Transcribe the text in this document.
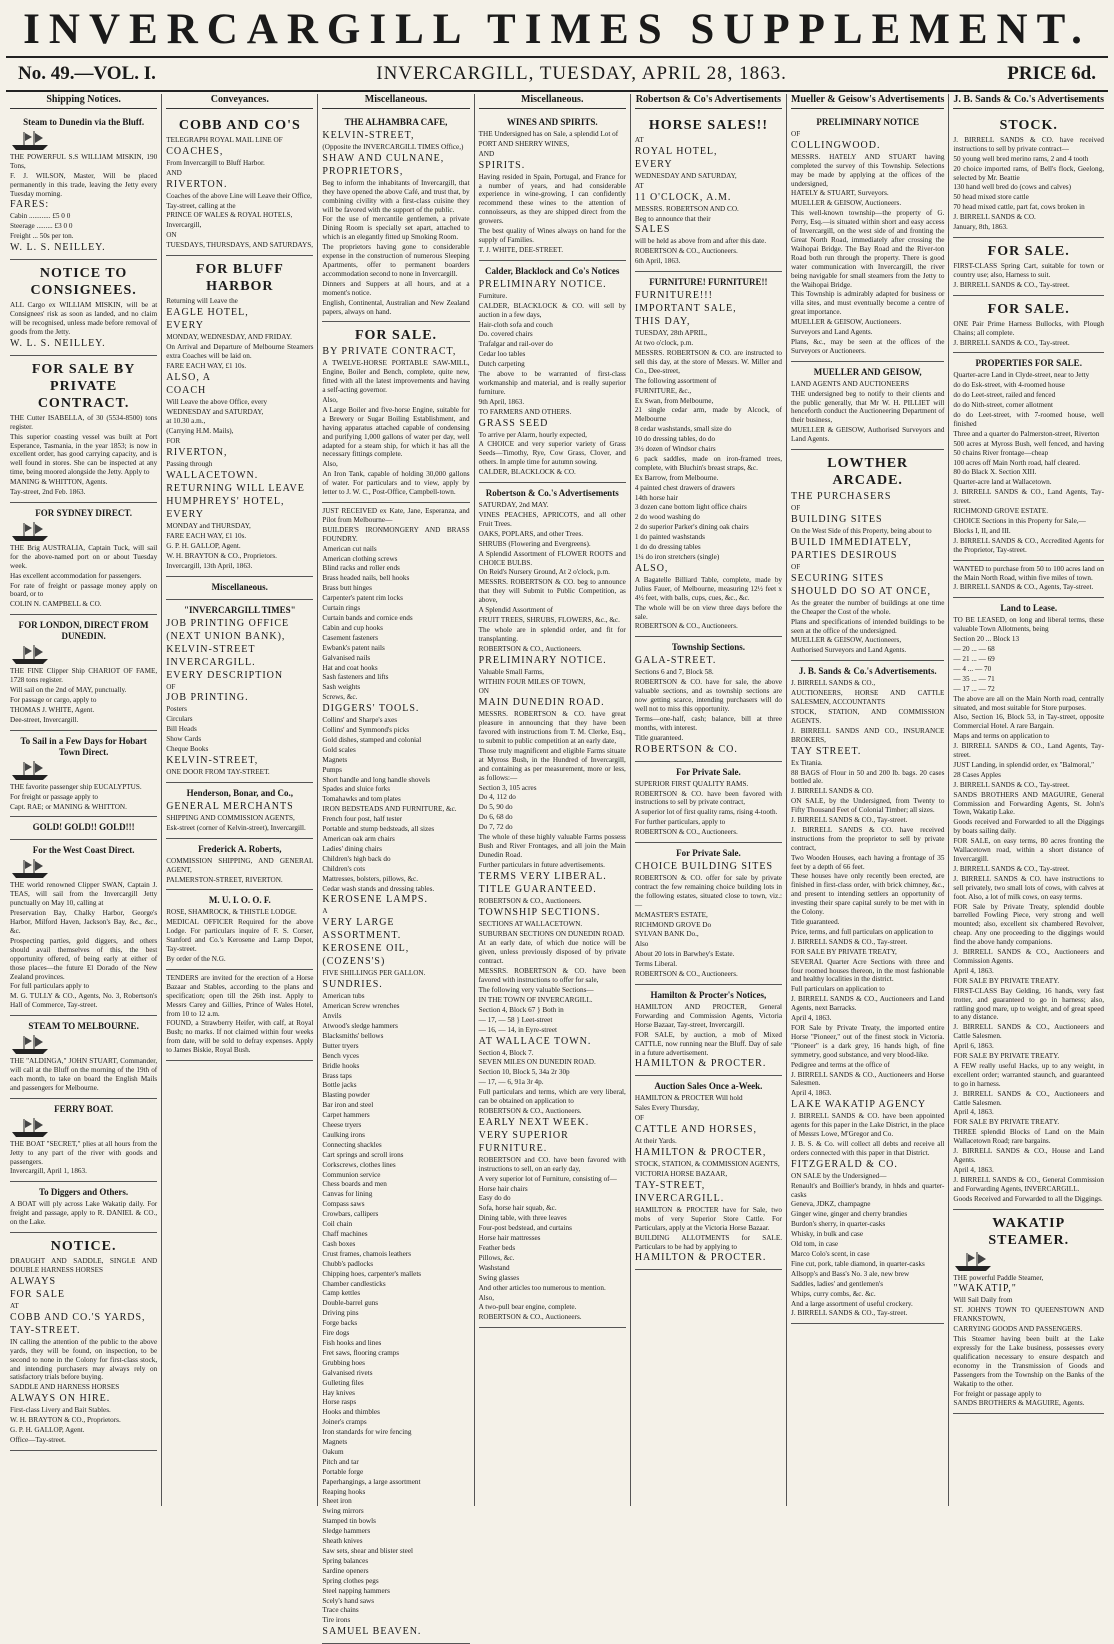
INVERCARGILL TIMES SUPPLEMENT.
No. 49.—VOL. I.	INVERCARGILL, TUESDAY, APRIL 28, 1863.	PRICE 6d.
Shipping Notices.
Steam to Dunedin via the Bluff.

THE POWERFUL S.S WILLIAM MISKIN, 190 Tons,

F. J. WILSON, Master, Will be placed permanently in this trade, leaving the Jetty every Tuesday morning.

FARES:

Cabin ............ £5 0 0

Steerage ......... £3 0 0

Freight ... 50s per ton.

W. L. S. NEILLEY.

NOTICE TO CONSIGNEES.

ALL Cargo ex WILLIAM MISKIN, will be at Consignees' risk as soon as landed, and no claim will be recognised, unless made before removal of goods from the Jetty.

W. L. S. NEILLEY.

FOR SALE BY PRIVATE CONTRACT.

THE Cutter ISABELLA, of 30 (5534-8500) tons register.

This superior coasting vessel was built at Port Esperance, Tasmania, in the year 1853; is now in excellent order, has good carrying capacity, and is well found in stores. She can be inspected at any time, being moored alongside the Jetty. Apply to

MANING & WHITTON, Agents.

Tay-street, 2nd Feb. 1863.

FOR SYDNEY DIRECT.

THE Brig AUSTRALIA, Captain Tuck, will sail for the above-named port on or about Tuesday week.

Has excellent accommodation for passengers.

For rate of freight or passage money apply on board, or to

COLIN N. CAMPBELL & CO.

FOR LONDON, DIRECT FROM DUNEDIN.

THE FINE Clipper Ship CHARIOT OF FAME, 1728 tons register.

Will sail on the 2nd of MAY, punctually.

For passage or cargo, apply to

THOMAS J. WHITE, Agent.

Dee-street, Invercargill.

To Sail in a Few Days for Hobart Town Direct.

THE favorite passenger ship EUCALYPTUS.

For freight or passage apply to

Capt. RAE; or MANING & WHITTON.

GOLD! GOLD!! GOLD!!!
For the West Coast Direct.

THE world renowned Clipper SWAN, Captain J. TEAS, will sail from the Invercargill Jetty punctually on May 10, calling at

Preservation Bay, Chalky Harbor, George's Harbor, Milford Haven, Jackson's Bay, &c., &c., &c.

Prospecting parties, gold diggers, and others should avail themselves of this, the best opportunity offered, of being early at either of those places—the future El Dorado of the New Zealand provinces.

For full particulars apply to

M. G. TULLY & CO., Agents, No. 3, Robertson's Hall of Commerce, Tay-street.

STEAM TO MELBOURNE.

THE "ALDINGA," JOHN STUART, Commander, will call at the Bluff on the morning of the 19th of each month, to take on board the English Mails and passengers for Melbourne.

FERRY BOAT.

THE BOAT "SECRET," plies at all hours from the Jetty to any part of the river with goods and passengers.

Invercargill, April 1, 1863.

To Diggers and Others.

A BOAT will ply across Lake Wakatip daily. For freight and passage, apply to R. DANIEL & CO., on the Lake.

NOTICE.

DRAUGHT AND SADDLE, SINGLE AND DOUBLE HARNESS HORSES

ALWAYS

FOR SALE

AT

COBB AND CO.'S YARDS,

TAY-STREET.

IN calling the attention of the public to the above yards, they will be found, on inspection, to be second to none in the Colony for first-class stock, and intending purchasers may always rely on satisfactory trials before buying.

SADDLE AND HARNESS HORSES

ALWAYS ON HIRE.

First-class Livery and Bait Stables.

W. H. BRAYTON & CO., Proprietors.

G. P. H. GALLOP, Agent.

Office—Tay-street.

Conveyances.
COBB AND CO'S

TELEGRAPH ROYAL MAIL LINE OF

COACHES,

From Invercargill to Bluff Harbor.

AND

RIVERTON.

Coaches of the above Line will Leave their Office,

Tay-street, calling at the

PRINCE OF WALES & ROYAL HOTELS,

Invercargill,

ON

TUESDAYS, THURSDAYS, AND SATURDAYS,

FOR BLUFF HARBOR

Returning will Leave the

EAGLE HOTEL,

EVERY

MONDAY, WEDNESDAY, AND FRIDAY.

On Arrival and Departure of Melbourne Steamers extra Coaches will be laid on.

FARE EACH WAY, £1 10s.

ALSO, A

COACH

Will Leave the above Office, every

WEDNESDAY and SATURDAY,

at 10.30 a.m.,

(Carrying H.M. Mails),

FOR

RIVERTON,

Passing through

WALLACETOWN.

RETURNING WILL LEAVE

HUMPHREYS' HOTEL,

EVERY

MONDAY and THURSDAY,

FARE EACH WAY, £1 10s.

G. P. H. GALLOP, Agent.

W. H. BRAYTON & CO., Proprietors.

Invercargill, 13th April, 1863.

Miscellaneous.
"INVERCARGILL TIMES"

JOB PRINTING OFFICE

(NEXT UNION BANK),

KELVIN-STREET

INVERCARGILL.

EVERY DESCRIPTION

OF

JOB PRINTING.

Posters

Circulars

Bill Heads

Show Cards

Cheque Books

KELVIN-STREET,

ONE DOOR FROM TAY-STREET.

Henderson, Bonar, and Co.,

GENERAL MERCHANTS

SHIPPING AND COMMISSION AGENTS,

Esk-street (corner of Kelvin-street), Invercargill.

Frederick A. Roberts,

COMMISSION SHIPPING, AND GENERAL AGENT,

PALMERSTON-STREET, RIVERTON.

M. U. I. O. O. F.

ROSE, SHAMROCK, & THISTLE LODGE.

MEDICAL OFFICER Required for the above Lodge. For particulars inquire of F. S. Corser, Stanford and Co.'s Kerosene and Lamp Depot, Tay-street.

By order of the N.G.

TENDERS are invited for the erection of a Horse Bazaar and Stables, according to the plans and specification; open till the 26th inst. Apply to Messrs Carey and Gillies, Prince of Wales Hotel, from 10 to 12 a.m.

FOUND, a Strawberry Heifer, with calf, at Royal Bush; no marks. If not claimed within four weeks from date, will be sold to defray expenses. Apply to James Biskie, Royal Bush.

Miscellaneous.
THE ALHAMBRA CAFE,

KELVIN-STREET,

(Opposite the INVERCARGILL TIMES Office,)

SHAW AND CULNANE,

PROPRIETORS,

Beg to inform the inhabitants of Invercargill, that they have opened the above Café, and trust that, by combining civility with a first-class cuisine they will be favored with the support of the public.

For the use of mercantile gentlemen, a private Dining Room is specially set apart, attached to which is an elegantly fitted up Smoking Room.

The proprietors having gone to considerable expense in the construction of numerous Sleeping Apartments, offer to permanent boarders accommodation second to none in Invercargill.

Dinners and Suppers at all hours, and at a moment's notice.

English, Continental, Australian and New Zealand papers, always on hand.

FOR SALE.

BY PRIVATE CONTRACT,

A TWELVE-HORSE PORTABLE SAW-MILL, Engine, Boiler and Bench, complete, quite new, fitted with all the latest improvements and having a self-acting governor.

Also,

A Large Boiler and five-horse Engine, suitable for a Brewery or Sugar Boiling Establishment, and having apparatus attached capable of condensing and purifying 1,000 gallons of water per day, well adapted for a steam ship, for which it has all the necessary fittings complete.

Also,

An Iron Tank, capable of holding 30,000 gallons of water. For particulars and to view, apply by letter to J. W. C., Post-Office, Campbell-town.

JUST RECEIVED ex Kate, Jane, Esperanza, and Pilot from Melbourne—

BUILDER'S IRONMONGERY AND BRASS FOUNDRY.

American cut nails

American clothing screws

Blind racks and roller ends

Brass headed nails, bell hooks

Brass butt hinges

Carpenter's patent rim locks

Curtain rings

Curtain bands and cornice ends

Cabin and cup hooks

Casement fasteners

Ewbank's patent nails

Galvanised nails

Hat and coat hooks

Sash fasteners and lifts

Sash weights

Screws, &c.

DIGGERS' TOOLS.

Collins' and Sharpe's axes

Collins' and Symmond's picks

Gold dishes, stamped and colonial

Gold scales

Magnets

Pumps

Short handle and long handle shovels

Spades and sluice forks

Tomahawks and tom plates

IRON BEDSTEADS AND FURNITURE, &c.

French four post, half tester

Portable and stump bedsteads, all sizes

American oak arm chairs

Ladies' dining chairs

Children's high back do

Children's cots

Mattresses, bolsters, pillows, &c.

Cedar wash stands and dressing tables.

KEROSENE LAMPS.

A

VERY LARGE

ASSORTMENT.

KEROSENE OIL,

(COZENS'S)

FIVE SHILLINGS PER GALLON.

SUNDRIES.

American tubs

American Screw wrenches

Anvils

Atwood's sledge hammers

Blacksmiths' bellows

Butter tryers

Bench vyces

Bridle hooks

Brass taps

Bottle jacks

Blasting powder

Bar iron and steel

Carpet hammers

Cheese tryers

Caulking irons

Connecting shackles

Cart springs and scroll irons

Corkscrews, clothes lines

Communion service

Chess boards and men

Canvas for lining

Compass saws

Crowbars, callipers

Coil chain

Chaff machines

Cash boxes

Crust frames, chamois leathers

Chubb's padlocks

Chipping hoes, carpenter's mallets

Chamber candlesticks

Camp kettles

Double-barrel guns

Driving pins

Forge backs

Fire dogs

Fish hooks and lines

Fret saws, flooring cramps

Grubbing hoes

Galvanised rivets

Gulleting files

Hay knives

Horse rasps

Hooks and thimbles

Joiner's cramps

Iron standards for wire fencing

Magnets

Oakum

Pitch and tar

Portable forge

Paperhangings, a large assortment

Reaping hooks

Sheet iron

Swing mirrors

Stamped tin bowls

Sledge hammers

Sheath knives

Saw sets, shear and blister steel

Spring balances

Sardine openers

Spring clothes pegs

Steel napping hammers

Scely's hand saws

Trace chains

Tire irons

SAMUEL BEAVEN.

Miscellaneous.
WINES AND SPIRITS.

THE Undersigned has on Sale, a splendid Lot of

PORT AND SHERRY WINES,

AND

SPIRITS.

Having resided in Spain, Portugal, and France for a number of years, and had considerable experience in wine-growing, I can confidently recommend these wines to the attention of connoisseurs, as they are shipped direct from the growers.

The best quality of Wines always on hand for the supply of Families.

T. J. WHITE, DEE-STREET.

Calder, Blacklock and Co's Notices

PRELIMINARY NOTICE.

Furniture.

CALDER, BLACKLOCK & CO. will sell by auction in a few days,

Hair-cloth sofa and couch

Do. covered chairs

Trafalgar and rail-over do

Cedar loo tables

Dutch carpeting

The above to be warranted of first-class workmanship and material, and is really superior furniture.

9th April, 1863.

TO FARMERS AND OTHERS.

GRASS SEED

To arrive per Alarm, hourly expected,

A CHOICE and very superior variety of Grass Seeds—Timothy, Rye, Cow Grass, Clover, and others. In ample time for autumn sowing.

CALDER, BLACKLOCK & CO.

Robertson & Co.'s Advertisements

SATURDAY, 2nd MAY.

VINES PEACHES, APRICOTS, and all other Fruit Trees.

OAKS, POPLARS, and other Trees.

SHRUBS (Flowering and Evergreens).

A Splendid Assortment of FLOWER ROOTS and CHOICE BULBS.

On Reid's Nursery Ground, At 2 o'clock, p.m.

MESSRS. ROBERTSON & CO. beg to announce that they will Submit to Public Competition, as above,

A Splendid Assortment of

FRUIT TREES, SHRUBS, FLOWERS, &c., &c.

The whole are in splendid order, and fit for transplanting.

ROBERTSON & CO., Auctioneers.

PRELIMINARY NOTICE.

Valuable Small Farms,

WITHIN FOUR MILES OF TOWN,

ON

MAIN DUNEDIN ROAD.

MESSRS. ROBERTSON & CO. have great pleasure in announcing that they have been favored with instructions from T. M. Clerke, Esq., to submit to public competition at an early date,

Those truly magnificent and eligible Farms situate at Myross Bush, in the Hundred of Invercargill, and containing as per measurement, more or less, as follows:—

Section 3, 105 acres

Do 4, 112 do

Do 5, 90 do

Do 6, 68 do

Do 7, 72 do

The whole of these highly valuable Farms possess Bush and River Frontages, and all join the Main Dunedin Road.

Further particulars in future advertisements.

TERMS VERY LIBERAL.

TITLE GUARANTEED.

ROBERTSON & CO., Auctioneers.

TOWNSHIP SECTIONS.

SECTIONS AT WALLACETOWN.

SUBURBAN SECTIONS ON DUNEDIN ROAD.

At an early date, of which due notice will be given, unless previously disposed of by private contract.

MESSRS. ROBERTSON & CO. have been favored with instructions to offer for sale,

The following very valuable Sections—

IN THE TOWN OF INVERCARGILL.

Section 4, Block 67 } Both in

— 17, — 58 } Leet-street

— 16, — 14, in Eyre-street

AT WALLACE TOWN.

Section 4, Block 7.

SEVEN MILES ON DUNEDIN ROAD.

Section 10, Block 5, 34a 2r 30p

— 17, — 6, 91a 3r 4p.

Full particulars and terms, which are very liberal, can be obtained on application to

ROBERTSON & CO., Auctioneers.

EARLY NEXT WEEK.

VERY SUPERIOR

FURNITURE.

ROBERTSON and CO. have been favored with instructions to sell, on an early day,

A very superior lot of Furniture, consisting of—

Horse hair chairs

Easy do do

Sofa, horse hair squab, &c.

Dining table, with three leaves

Four-post bedstead, and curtains

Horse hair mattresses

Feather beds

Pillows, &c.

Washstand

Swing glasses

And other articles too numerous to mention.

Also,

A two-pull bear engine, complete.

ROBERTSON & CO., Auctioneers.

Robertson & Co's Advertisements
HORSE SALES!!

AT

ROYAL HOTEL,

EVERY

WEDNESDAY AND SATURDAY,

AT

11 O'CLOCK, A.M.

MESSRS. ROBERTSON AND CO.

Beg to announce that their

SALES

will be held as above from and after this date.

ROBERTSON & CO., Auctioneers.

6th April, 1863.

FURNITURE! FURNITURE!!

FURNITURE!!!

IMPORTANT SALE,

THIS DAY,

TUESDAY, 28th APRIL,

At two o'clock, p.m.

MESSRS. ROBERTSON & CO. are instructed to sell this day, at the store of Messrs. W. Miller and Co., Dee-street,

The following assortment of

FURNITURE, &c.,

Ex Swan, from Melbourne,

21 single cedar arm, made by Alcock, of Melbourne

8 cedar washstands, small size do

10 do dressing tables, do do

3½ dozen of Windsor chairs

6 pack saddles, made on iron-framed trees, complete, with Bluchin's breast straps, &c.

Ex Barrow, from Melbourne.

4 painted chest drawers of drawers

14th horse hair

3 dozen cane bottom light office chairs

2 do wood washing do

2 do superior Parker's dining oak chairs

1 do painted washstands

1 do do dressing tables

1¼ do iron stretchers (single)

ALSO,

A Bagatelle Billiard Table, complete, made by Julius Fauer, of Melbourne, measuring 12½ feet x 4½ feet, with balls, cups, cues, &c., &c.

The whole will be on view three days before the sale.

ROBERTSON & CO., Auctioneers.

Township Sections.

GALA-STREET.

Sections 6 and 7, Block 58.

ROBERTSON & CO. have for sale, the above valuable sections, and as township sections are now getting scarce, intending purchasers will do well not to miss this opportunity.

Terms—one-half, cash; balance, bill at three months, with interest.

Title guaranteed.

ROBERTSON & CO.

For Private Sale.

SUPERIOR FIRST QUALITY RAMS.

ROBERTSON & CO. have been favored with instructions to sell by private contract,

A superior lot of first quality rams, rising 4-tooth.

For further particulars, apply to

ROBERTSON & CO., Auctioneers.

For Private Sale.

CHOICE BUILDING SITES

ROBERTSON & CO. offer for sale by private contract the few remaining choice building lots in the following estates, situated close to town, viz.:—

McMASTER'S ESTATE,

RICHMOND GROVE Do

SYLVAN BANK Do.,

Also

About 20 lots in Barwhey's Estate.

Terms Liberal.

ROBERTSON & CO., Auctioneers.

Hamilton & Procter's Notices,

HAMILTON AND PROCTER, General Forwarding and Commission Agents, Victoria Horse Bazaar, Tay-street, Invercargill.

FOR SALE, by auction, a mob of Mixed CATTLE, now running near the Bluff. Day of sale in a future advertisement.

HAMILTON & PROCTER.

Auction Sales Once a-Week.

HAMILTON & PROCTER Will hold

Sales Every Thursday,

OF

CATTLE AND HORSES,

At their Yards.

HAMILTON & PROCTER,

STOCK, STATION, & COMMISSION AGENTS,

VICTORIA HORSE BAZAAR,

TAY-STREET,

INVERCARGILL.

HAMILTON & PROCTER have for Sale, two mobs of very Superior Store Cattle. For Particulars, apply at the Victoria Horse Bazaar.

BUILDING ALLOTMENTS for SALE. Particulars to be had by applying to

HAMILTON & PROCTER.

Mueller & Geisow's Advertisements
PRELIMINARY NOTICE

OF

COLLINGWOOD.

MESSRS. HATELY AND STUART having completed the survey of this Township. Selections may be made by applying at the offices of the undersigned,

HATELY & STUART, Surveyors.

MUELLER & GEISOW, Auctioneers.

This well-known township—the property of G. Perry, Esq.—is situated within short and easy access of Invercargill, on the west side of and fronting the Great North Road, immediately after crossing the Waihopai Bridge. The Bay Road and the River-ton Road both run through the property. There is good water communication with Invercargill, the river being navigable for small steamers from the Jetty to the Waihopai Bridge.

This Township is admirably adapted for business or villa sites, and must eventually become a centre of great importance.

MUELLER & GEISOW, Auctioneers.

Surveyors and Land Agents.

Plans, &c., may be seen at the offices of the Surveyors or Auctioneers.

MUELLER AND GEISOW,

LAND AGENTS AND AUCTIONEERS

THE undersigned beg to notify to their clients and the public generally, that Mr W. H. PILLIET will henceforth conduct the Auctioneering Department of their business,

MUELLER & GEISOW, Authorised Surveyors and Land Agents.

LOWTHER ARCADE.

THE PURCHASERS

OF

BUILDING SITES

On the West Side of this Property, being about to

BUILD IMMEDIATELY,

PARTIES DESIROUS

OF

SECURING SITES

SHOULD DO SO AT ONCE,

As the greater the number of buildings at one time the Cheaper the Cost of the whole.

Plans and specifications of intended buildings to be seen at the office of the undersigned.

MUELLER & GEISOW, Auctioneers,

Authorised Surveyors and Land Agents.

J. B. Sands & Co.'s Advertisements.

J. BIRRELL SANDS & CO.,

AUCTIONEERS, HORSE AND CATTLE SALESMEN, ACCOUNTANTS

STOCK, STATION, AND COMMISSION AGENTS.

J. BIRRELL SANDS AND CO., INSURANCE BROKERS,

TAY STREET.

Ex Titania.

88 BAGS of Flour in 50 and 200 lb. bags. 20 cases bottled ale.

J. BIRRELL SANDS & CO.

ON SALE, by the Undersigned, from Twenty to Fifty Thousand Feet of Colonial Timber; all sizes.

J. BIRRELL SANDS & CO., Tay-street.

J. BIRRELL SANDS & CO. have received instructions from the proprietor to sell by private contract,

Two Wooden Houses, each having a frontage of 35 feet by a depth of 66 feet.

These houses have only recently been erected, are finished in first-class order, with brick chimney, &c., and present to intending settlers an opportunity of investing their spare capital surely to be met with in the Colony.

Title guaranteed.

Price, terms, and full particulars on application to

J. BIRRELL SANDS & CO., Tay-street.

FOR SALE BY PRIVATE TREATY,

SEVERAL Quarter Acre Sections with three and four roomed houses thereon, in the most fashionable and healthy localities in the district.

Full particulars on application to

J. BIRRELL SANDS & CO., Auctioneers and Land Agents, next Barracks.

April 4, 1863.

FOR Sale by Private Treaty, the imported entire Horse "Pioneer," out of the finest stock in Victoria. "Pioneer" is a dark grey, 16 hands high, of fine symmetry, good substance, and very blood-like.

Pedigree and terms at the office of

J. BIRRELL SANDS & CO., Auctioneers and Horse Salesmen.

April 4, 1863.

LAKE WAKATIP AGENCY

J. BIRRELL SANDS & CO. have been appointed agents for this paper in the Lake District, in the place of Messrs Lowe, M'Gregor and Co.

J. B. S. & Co. will collect all debts and receive all orders connected with this paper in that District.

FITZGERALD & CO.

ON SALE by the Undersigned—

Renault's and Boillier's brandy, in hhds and quarter-casks

Geneva, JDKZ, champagne

Ginger wine, ginger and cherry brandies

Burdon's sherry, in quarter-casks

Whisky, in bulk and case

Old tom, in case

Marco Colo's scent, in case

Fine cut, pork, table diamond, in quarter-casks

Allsopp's and Bass's No. 3 ale, new brew

Saddles, ladies' and gentlemen's

Whips, curry combs, &c. &c.

And a large assortment of useful crockery.

J. BIRRELL SANDS & CO., Tay-street.

J. B. Sands & Co.'s Advertisements
STOCK.

J. BIRRELL SANDS & CO. have received instructions to sell by private contract—

50 young well bred merino rams, 2 and 4 tooth

20 choice imported rams, of Bell's flock, Geelong, selected by Mr. Beattie

130 hand well bred do (cows and calves)

50 head mixed store cattle

70 head mixed cattle, part fat, cows broken in

J. BIRRELL SANDS & CO.

January, 8th, 1863.

FOR SALE.

FIRST-CLASS Spring Cart, suitable for town or country use; also, Harness to suit.

J. BIRRELL SANDS & CO., Tay-street.

FOR SALE.

ONE Pair Prime Harness Bullocks, with Plough Chains; all complete.

J. BIRRELL SANDS & CO., Tay-street.

PROPERTIES FOR SALE.

Quarter-acre Land in Clyde-street, near to Jetty

do do Esk-street, with 4-roomed house

do do Leet-street, railed and fenced

do do Nith-street, corner allotment

do do Leet-street, with 7-roomed house, well finished

Three and a quarter do Palmerston-street, Riverton

500 acres at Myross Bush, well fenced, and having 50 chains River frontage—cheap

100 acres off Main North road, half cleared.

80 do Black X. Section XIII.

Quarter-acre land at Wallacetown.

J. BIRRELL SANDS & CO., Land Agents, Tay-street.

RICHMOND GROVE ESTATE.

CHOICE Sections in this Property for Sale,—

Blocks I, II, and III.

J. BIRRELL SANDS & CO., Accredited Agents for the Proprietor, Tay-street.

WANTED to purchase from 50 to 100 acres land on the Main North Road, within five miles of town.

J. BIRRELL SANDS & CO., Agents, Tay-street.

Land to Lease.

TO BE LEASED, on long and liberal terms, these valuable Town Allotments, being

Section 20 ... Block 13

— 20 ... — 68

— 21 ... — 69

— 4 ... — 70

— 35 ... — 71

— 17 ... — 72

The above are all on the Main North road, centrally situated, and most suitable for Store purposes.

Also, Section 16, Block 53, in Tay-street, opposite Commercial Hotel. A rare Bargain.

Maps and terms on application to

J. BIRRELL SANDS & CO., Land Agents, Tay-street.

JUST Landing, in splendid order, ex "Balmoral,"

28 Cases Apples

J. BIRRELL SANDS & CO., Tay-street.

SANDS BROTHERS AND MAGUIRE, General Commission and Forwarding Agents, St. John's Town, Wakatip Lake.

Goods received and Forwarded to all the Diggings by boats sailing daily.

FOR SALE, on easy terms, 80 acres fronting the Wallacetown road, within a short distance of Invercargill.

J. BIRRELL SANDS & CO., Tay-street.

J. BIRRELL SANDS & CO. have instructions to sell privately, two small lots of cows, with calves at foot. Also, a lot of milk cows, on easy terms.

FOR Sale by Private Treaty, splendid double barrelled Fowling Piece, very strong and well mounted; also, excellent six chambered Revolver, cheap. Any one proceeding to the diggings would find the above handy companions.

J. BIRRELL SANDS & CO., Auctioneers and Commission Agents.

April 4, 1863.

FOR SALE BY PRIVATE TREATY.

FIRST-CLASS Bay Gelding, 16 hands, very fast trotter, and guaranteed to go in harness; also, rattling good mare, up to weight, and of great speed to any distance.

J. BIRRELL SANDS & CO., Auctioneers and Cattle Salesmen.

April 6, 1863.

FOR SALE BY PRIVATE TREATY.

A FEW really useful Hacks, up to any weight, in excellent order; warranted staunch, and guaranteed to go in harness.

J. BIRRELL SANDS & CO., Auctioneers and Cattle Salesmen.

April 4, 1863.

FOR SALE BY PRIVATE TREATY.

THREE splendid Blocks of Land on the Main Wallacetown Road; rare bargains.

J. BIRRELL SANDS & CO., House and Land Agents.

April 4, 1863.

J. BIRRELL SANDS & CO., General Commission and Forwarding Agents, INVERCARGILL.

Goods Received and Forwarded to all the Diggings.

WAKATIP STEAMER.

THE powerful Paddle Steamer,

"WAKATIP,"

Will Sail Daily from

ST. JOHN'S TOWN TO QUEENSTOWN AND FRANKSTOWN,

CARRYING GOODS AND PASSENGERS.

This Steamer having been built at the Lake expressly for the Lake business, possesses every qualification necessary to ensure despatch and economy in the Transmission of Goods and Passengers from the Township on the Banks of the Wakatip to the other.

For freight or passage apply to

SANDS BROTHERS & MAGUIRE, Agents.
